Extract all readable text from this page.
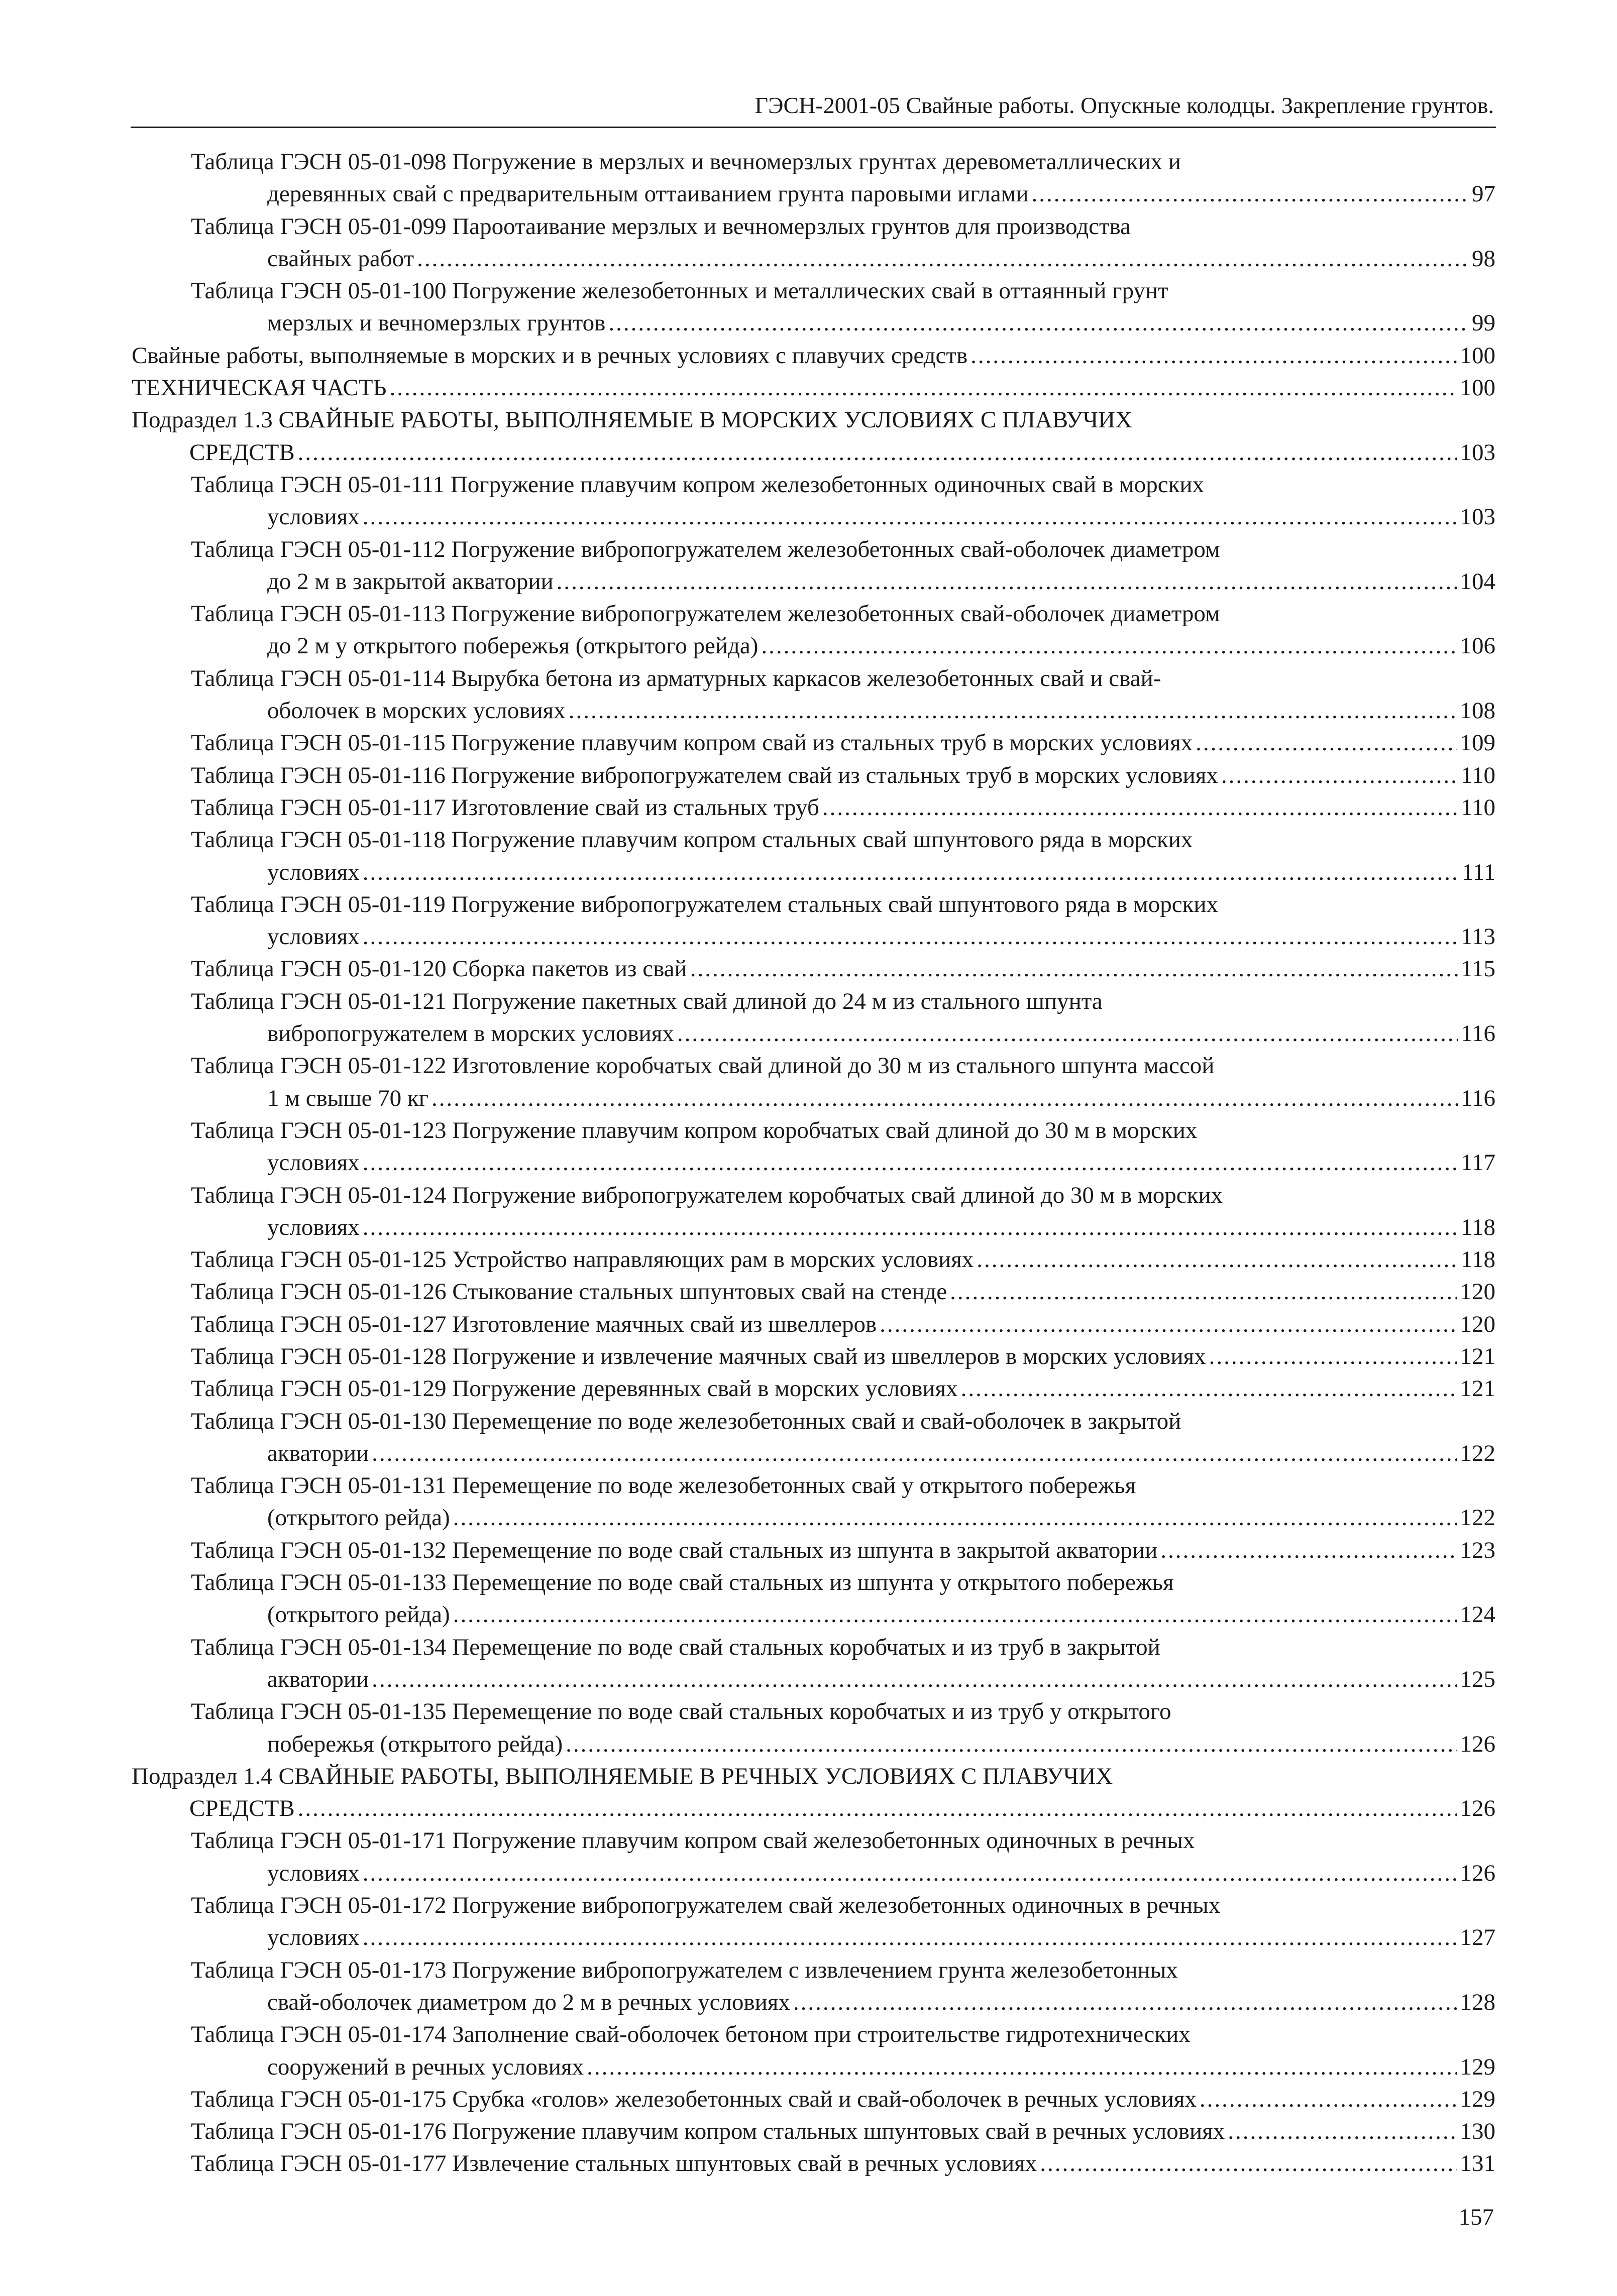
ГЭСН-2001-05 Свайные работы. Опускные колодцы. Закрепление грунтов.
Таблица ГЭСН 05-01-098 Погружение в мерзлых и вечномерзлых грунтах деревометаллических и
деревянных свай с предварительным оттаиванием грунта паровыми иглами .....	97
Таблица ГЭСН 05-01-099 Пароотаивание мерзлых и вечномерзлых грунтов для производства
свайных работ .....	98
Таблица ГЭСН 05-01-100 Погружение железобетонных и металлических свай в оттаянный грунт
мерзлых и вечномерзлых грунтов .....	99
Свайные работы, выполняемые в морских и в речных условиях с плавучих средств .....	100
ТЕХНИЧЕСКАЯ ЧАСТЬ .....	100
Подраздел 1.3 СВАЙНЫЕ РАБОТЫ, ВЫПОЛНЯЕМЫЕ В МОРСКИХ УСЛОВИЯХ С ПЛАВУЧИХ
СРЕДСТВ .....	103
Таблица ГЭСН 05-01-111 Погружение плавучим копром железобетонных одиночных свай в морских
условиях .....	103
Таблица ГЭСН 05-01-112 Погружение вибропогружателем железобетонных свай-оболочек диаметром
до 2 м в закрытой акватории .....	104
Таблица ГЭСН 05-01-113 Погружение вибропогружателем железобетонных свай-оболочек диаметром
до 2 м у открытого побережья (открытого рейда) .....	106
Таблица ГЭСН 05-01-114 Вырубка бетона из арматурных каркасов железобетонных свай и свай-
оболочек в морских условиях .....	108
Таблица ГЭСН 05-01-115 Погружение плавучим копром свай из стальных труб в морских условиях .....	109
Таблица ГЭСН 05-01-116 Погружение вибропогружателем свай из стальных труб в морских условиях .....	110
Таблица ГЭСН 05-01-117 Изготовление свай из стальных труб .....	110
Таблица ГЭСН 05-01-118 Погружение плавучим копром стальных свай шпунтового ряда в морских
условиях .....	111
Таблица ГЭСН 05-01-119 Погружение вибропогружателем стальных свай шпунтового ряда в морских
условиях .....	113
Таблица ГЭСН 05-01-120 Сборка пакетов из свай .....	115
Таблица ГЭСН 05-01-121 Погружение пакетных свай длиной до 24 м из стального шпунта
вибропогружателем в морских условиях .....	116
Таблица ГЭСН 05-01-122 Изготовление коробчатых свай длиной до 30 м из стального шпунта массой
1 м свыше 70 кг .....	116
Таблица ГЭСН 05-01-123 Погружение плавучим копром коробчатых свай длиной до 30 м в морских
условиях .....	117
Таблица ГЭСН 05-01-124 Погружение вибропогружателем коробчатых свай длиной до 30 м в морских
условиях .....	118
Таблица ГЭСН 05-01-125 Устройство направляющих рам в морских условиях .....	118
Таблица ГЭСН 05-01-126 Стыкование стальных шпунтовых свай на стенде .....	120
Таблица ГЭСН 05-01-127 Изготовление маячных свай из швеллеров .....	120
Таблица ГЭСН 05-01-128 Погружение и извлечение маячных свай из швеллеров в морских условиях .....	121
Таблица ГЭСН 05-01-129 Погружение деревянных свай в морских условиях .....	121
Таблица ГЭСН 05-01-130 Перемещение по воде железобетонных свай и свай-оболочек в закрытой
акватории .....	122
Таблица ГЭСН 05-01-131 Перемещение по воде железобетонных свай у открытого побережья
(открытого рейда) .....	122
Таблица ГЭСН 05-01-132 Перемещение по воде свай стальных из шпунта в закрытой акватории .....	123
Таблица ГЭСН 05-01-133 Перемещение по воде свай стальных из шпунта у открытого побережья
(открытого рейда) .....	124
Таблица ГЭСН 05-01-134 Перемещение по воде свай стальных коробчатых и из труб в закрытой
акватории .....	125
Таблица ГЭСН 05-01-135 Перемещение по воде свай стальных коробчатых и из труб у открытого
побережья (открытого рейда) .....	126
Подраздел 1.4 СВАЙНЫЕ РАБОТЫ, ВЫПОЛНЯЕМЫЕ В РЕЧНЫХ УСЛОВИЯХ С ПЛАВУЧИХ
СРЕДСТВ .....	126
Таблица ГЭСН 05-01-171 Погружение плавучим копром свай железобетонных одиночных в речных
условиях .....	126
Таблица ГЭСН 05-01-172 Погружение вибропогружателем свай железобетонных одиночных в речных
условиях .....	127
Таблица ГЭСН 05-01-173 Погружение вибропогружателем с извлечением грунта железобетонных
свай-оболочек диаметром до 2 м в речных условиях .....	128
Таблица ГЭСН 05-01-174 Заполнение свай-оболочек бетоном при строительстве гидротехнических
сооружений в речных условиях .....	129
Таблица ГЭСН 05-01-175 Срубка «голов» железобетонных свай и свай-оболочек в речных условиях .....	129
Таблица ГЭСН 05-01-176 Погружение плавучим копром стальных шпунтовых свай в речных условиях .....	130
Таблица ГЭСН 05-01-177 Извлечение стальных шпунтовых свай в речных условиях .....	131
157
